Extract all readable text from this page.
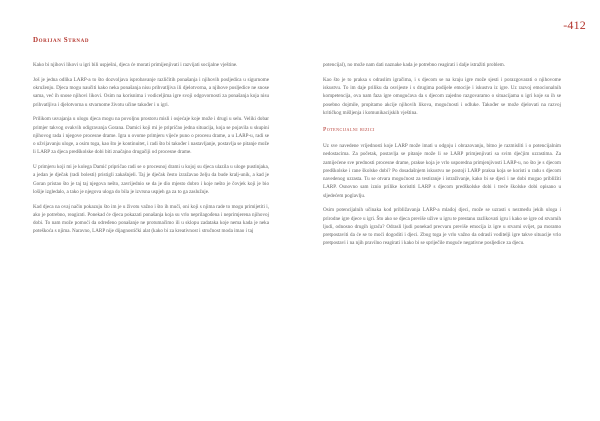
Dorijan Strnad

Kako bi njihovi likovi u igri bili uspješni, djeca će morati primijenjivati i razvijati socijalne vještine.

Još je jedna odlika LARP-a to što dozvoljava isprobavanje različitih ponašanja i njihovih posljedica u sigurnome okruženju. Djeca mogu naučiti kako neka ponašanja nisu prihvatljiva ili djelotvorna, a njihove posljedice ne snose sama, već ih snose njihovi likovi. Osim na korisnima i vodiceljima igre svoji odgovornosti za ponašanja koja nisu prihvatljiva i djelotvorna u stvarnome životu učine također i u igri.

Prilikom usvajanja u ulogu djeca mogu na povoljnu prostoru misli i osjećaje koje može i drugi u selu. Veliki dobar primjer takvog ovakvih odigravanja Gorana. Damici koji mi je pripričao jedna situacija, koja se pojavila u skupini njihovog rada i njegove procesne drame. Igra u ovome primjeru vijeće puno o procesu drame, a u LARP-u, radi se o užvijavanju uloge, a osim toga, kao što je kontinuitet, i radi što bi također i nastavljanje, postavlja se pitanje može li LARP za djeca predškolske dobi biti značajno drugačiji od procesne drame.

U primjeru koji mi je kolega Damić pripričao radi se o procesnoj drami u kojoj su djeca ulazila u uloge pustinjaka, a jedan je dječak (radi bolesti) pristigli zakašnjeli. Taj je dječak često izražavao želju da bude kralj-unik, a kad je Goran pristao što je taj taj njegova nešto, zavrijednio se da je dio mjesto dobro i koje nešto je čovjek koji je bio lošije izgledalo, a tako je njegova uloga do bila je izvrsna uspjeh ga za to ga zaslužuje.

Kad djeca na ovaj način pokazuju što im je u životu važno i što ih muči, oni koji s njima rade to mogu primijetiti i, ako je potrebno, reagirati. Ponekad će djeca pokazati ponašanja koja su vrlo neprilagođena i neprimjerena njihovoj dobi. To nam može pomoći da određeno ponašanje ne protumačimo ili u sklopu zadataka koje nema kada je neka poteškoća s njima. Naravno, LARP nije dijagnostički alat (kako bi za kreativnost i stručnost moda imao i taj

-412

potencijal), no može nam dati naznake kada je potrebno reagirati i dalje istražiti problem.

Kao što je to praksa s odraslim igračima, i s djecom se na kraju igre može sjesti i porazgovarati o njihovome iskustvu. To im daje priliku da osvijeste i s drugima podijele emocije i iskustva iz igre. Uz razvoj emocionalnih kompetencija, ova nam faza igre omogućava da s djecom zajedno razgovaramo o situacijama u igri koje su ih se posebno dojmile, propitamo akcije njihovih likova, mogućnosti i odluke. Također se može djelovati na razvoj kritičkog mišljenja i komunikacijskih vještina.

Potencijalni rizici

Uz sve navedene vrijednosti koje LARP može imati u odgoju i obrazovanju, bitno je razmisliti i o potencijalnim nedostacima. Za početak, postavlja se pitanje može li se LARP primjenjivati sa svim djećjim uzrastima. Za zamijećene sve prednosti procesne drame, prakse koja je vrlo usporedna primjenjivosti LARP-u, no što je s djecom predškolske i rane školske dobi? Po dosadašnjem iskustvu ne postoji LARP praksa koja se koristi u radu s djecom navedenog uzrasta. Tu se otvara mogućnost za testiranje i istraživanje, kako bi se djeci i ne dobi mogao približiti LARP. Osnovno sam iznio prilike koristiti LARP s djecom predškolske dobi i treće školske dobi opisano u sljedećem poglavlju.

Osim potencijalnih učinaka kod približavanja LARP-a mlađoj djeci, može se uzrasti s nezmeđu jekih uloga i prirodne igre djece u igri. Što ako se djeca previše užive u igru te prestanu razlikovati igru i kako se igre od stvarnih ljudi, odnosno drugih igrača? Odrasli ljudi ponekad precvaru previše emocija iz igre u stvarni svijet, pa moramo pretpostaviti da će se to moći dogoditi i djeci. Zbog toga je vrlo važno da odrasli voditelji igre takve situacije vrlo pretpostavi i na njih pravilno reagirati i kako bi se spriječile moguće negativne posljedice za djecu.
